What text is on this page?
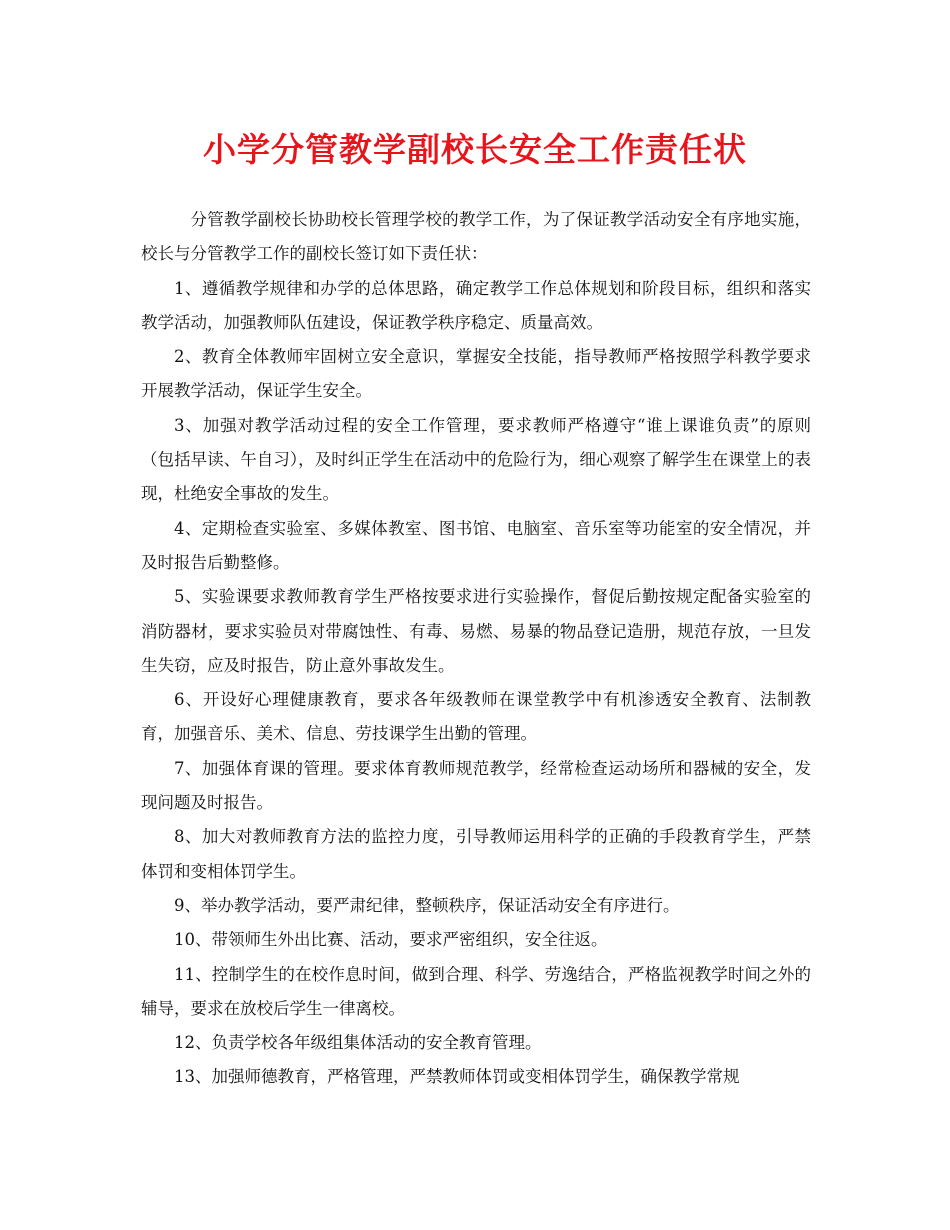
小学分管教学副校长安全工作责任状

分管教学副校长协助校长管理学校的教学工作，为了保证教学活动安全有序地实施，校长与分管教学工作的副校长签订如下责任状：

1、遵循教学规律和办学的总体思路，确定教学工作总体规划和阶段目标，组织和落实教学活动，加强教师队伍建设，保证教学秩序稳定、质量高效。

2、教育全体教师牢固树立安全意识，掌握安全技能，指导教师严格按照学科教学要求开展教学活动，保证学生安全。

3、加强对教学活动过程的安全工作管理，要求教师严格遵守“谁上课谁负责”的原则（包括早读、午自习），及时纠正学生在活动中的危险行为，细心观察了解学生在课堂上的表现，杜绝安全事故的发生。

4、定期检查实验室、多媒体教室、图书馆、电脑室、音乐室等功能室的安全情况，并及时报告后勤整修。

5、实验课要求教师教育学生严格按要求进行实验操作，督促后勤按规定配备实验室的消防器材，要求实验员对带腐蚀性、有毒、易燃、易暴的物品登记造册，规范存放，一旦发生失窃，应及时报告，防止意外事故发生。

6、开设好心理健康教育，要求各年级教师在课堂教学中有机渗透安全教育、法制教育，加强音乐、美术、信息、劳技课学生出勤的管理。

7、加强体育课的管理。要求体育教师规范教学，经常检查运动场所和器械的安全，发现问题及时报告。

8、加大对教师教育方法的监控力度，引导教师运用科学的正确的手段教育学生，严禁体罚和变相体罚学生。

9、举办教学活动，要严肃纪律，整顿秩序，保证活动安全有序进行。

10、带领师生外出比赛、活动，要求严密组织，安全往返。

11、控制学生的在校作息时间，做到合理、科学、劳逸结合，严格监视教学时间之外的辅导，要求在放校后学生一律离校。

12、负责学校各年级组集体活动的安全教育管理。

13、加强师德教育，严格管理，严禁教师体罚或变相体罚学生，确保教学常规
